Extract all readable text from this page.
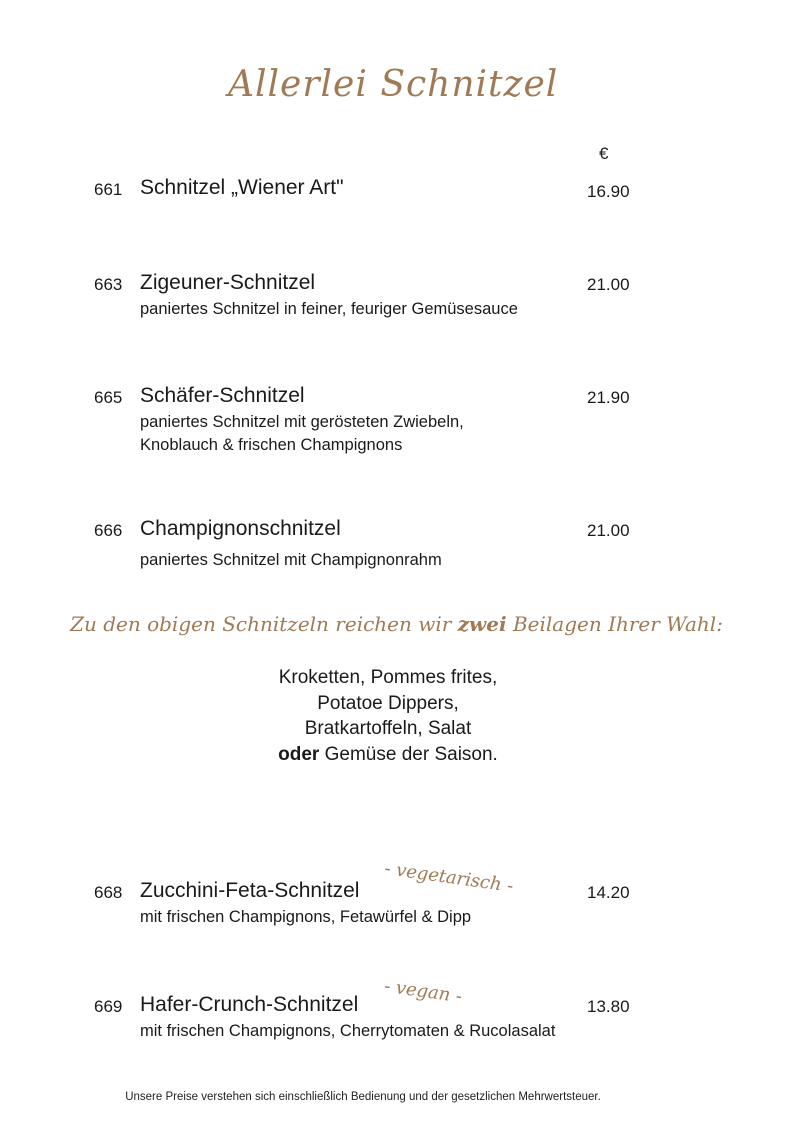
Allerlei Schnitzel
€
661 Schnitzel „Wiener Art"	16.90
663 Zigeuner-Schnitzel	21.00
paniertes Schnitzel in feiner, feuriger Gemüsesauce
665 Schäfer-Schnitzel	21.90
paniertes Schnitzel mit gerösteten Zwiebeln,
Knoblauch & frischen Champignons
666 Champignonschnitzel	21.00
paniertes Schnitzel mit Champignonrahm
Zu den obigen Schnitzeln reichen wir zwei Beilagen Ihrer Wahl:
Kroketten, Pommes frites,
Potatoe Dippers,
Bratkartoffeln, Salat
oder Gemüse der Saison.
668 Zucchini-Feta-Schnitzel - vegetarisch -	14.20
mit frischen Champignons, Fetawürfel & Dipp
669 Hafer-Crunch-Schnitzel - vegan -	13.80
mit frischen Champignons, Cherrytomaten & Rucolasalat
Unsere Preise verstehen sich einschließlich Bedienung und der gesetzlichen Mehrwertsteuer.
